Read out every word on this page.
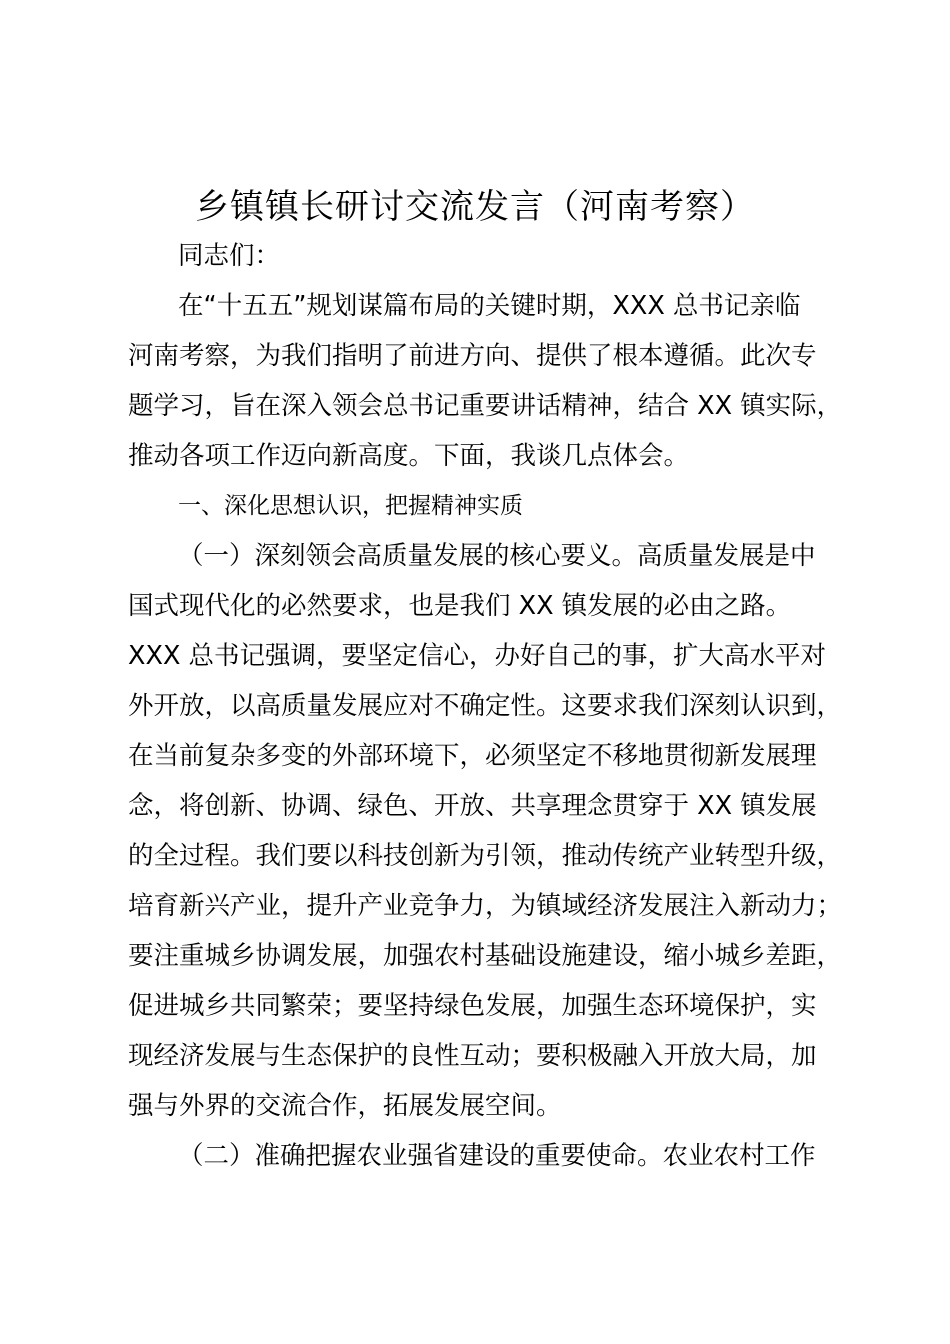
乡镇镇长研讨交流发言（河南考察）
同志们：
在“十五五”规划谋篇布局的关键时期，XXX 总书记亲临
河南考察，为我们指明了前进方向、提供了根本遵循。此次专
题学习，旨在深入领会总书记重要讲话精神，结合 XX 镇实际，
推动各项工作迈向新高度。下面，我谈几点体会。
一、深化思想认识，把握精神实质
（一）深刻领会高质量发展的核心要义。高质量发展是中
国式现代化的必然要求，也是我们 XX 镇发展的必由之路。
XXX 总书记强调，要坚定信心，办好自己的事，扩大高水平对
外开放，以高质量发展应对不确定性。这要求我们深刻认识到，
在当前复杂多变的外部环境下，必须坚定不移地贯彻新发展理
念，将创新、协调、绿色、开放、共享理念贯穿于 XX 镇发展
的全过程。我们要以科技创新为引领，推动传统产业转型升级，
培育新兴产业，提升产业竞争力，为镇域经济发展注入新动力；
要注重城乡协调发展，加强农村基础设施建设，缩小城乡差距，
促进城乡共同繁荣；要坚持绿色发展，加强生态环境保护，实
现经济发展与生态保护的良性互动；要积极融入开放大局，加
强与外界的交流合作，拓展发展空间。
（二）准确把握农业强省建设的重要使命。农业农村工作
